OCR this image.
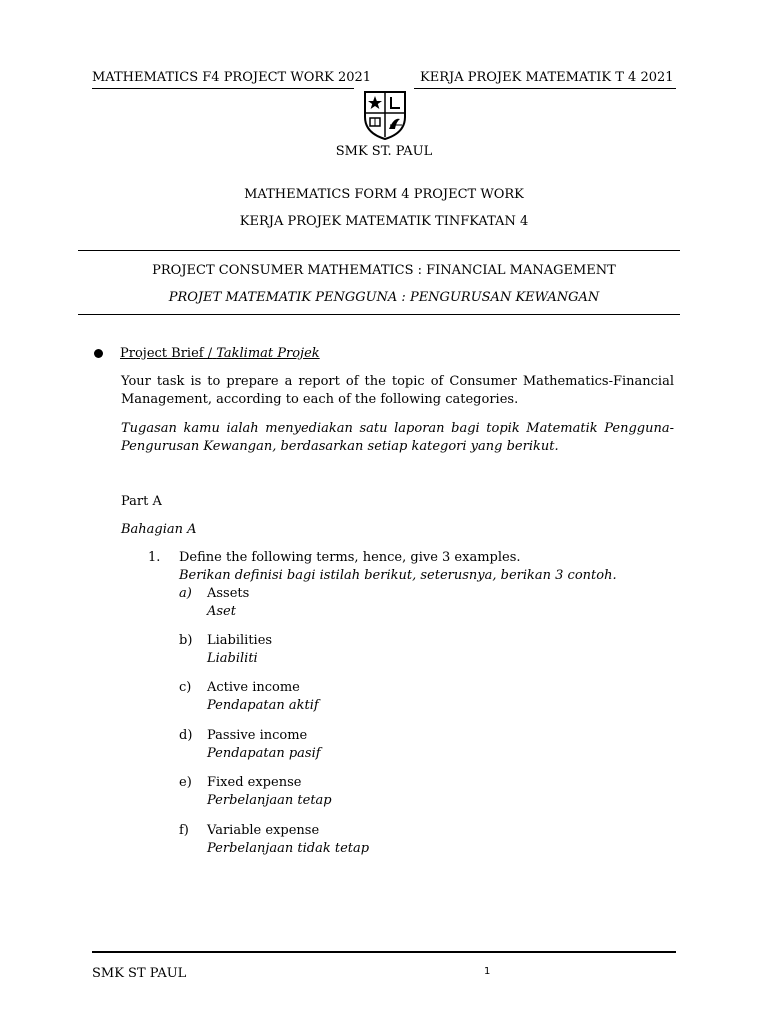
MATHEMATICS F4 PROJECT WORK 2021	KERJA PROJEK MATEMATIK T 4 2021
SMK ST. PAUL
MATHEMATICS FORM 4 PROJECT WORK
KERJA PROJEK MATEMATIK TINFKATAN 4
PROJECT CONSUMER MATHEMATICS : FINANCIAL MANAGEMENT
PROJET MATEMATIK PENGGUNA : PENGURUSAN KEWANGAN
Project Brief / Taklimat Projek
Your task is to prepare a report of the topic of Consumer Mathematics-Financial Management, according to each of the following categories.
Tugasan kamu ialah menyediakan satu laporan bagi topik Matematik Pengguna-Pengurusan Kewangan, berdasarkan setiap kategori yang berikut.
Part A
Bahagian A
1. Define the following terms, hence, give 3 examples.
Berikan definisi bagi istilah berikut, seterusnya, berikan 3 contoh.
a) Assets
Aset
b) Liabilities
Liabiliti
c) Active income
Pendapatan aktif
d) Passive income
Pendapatan pasif
e) Fixed expense
Perbelanjaan tetap
f) Variable expense
Perbelanjaan tidak tetap
SMK ST PAUL	1
